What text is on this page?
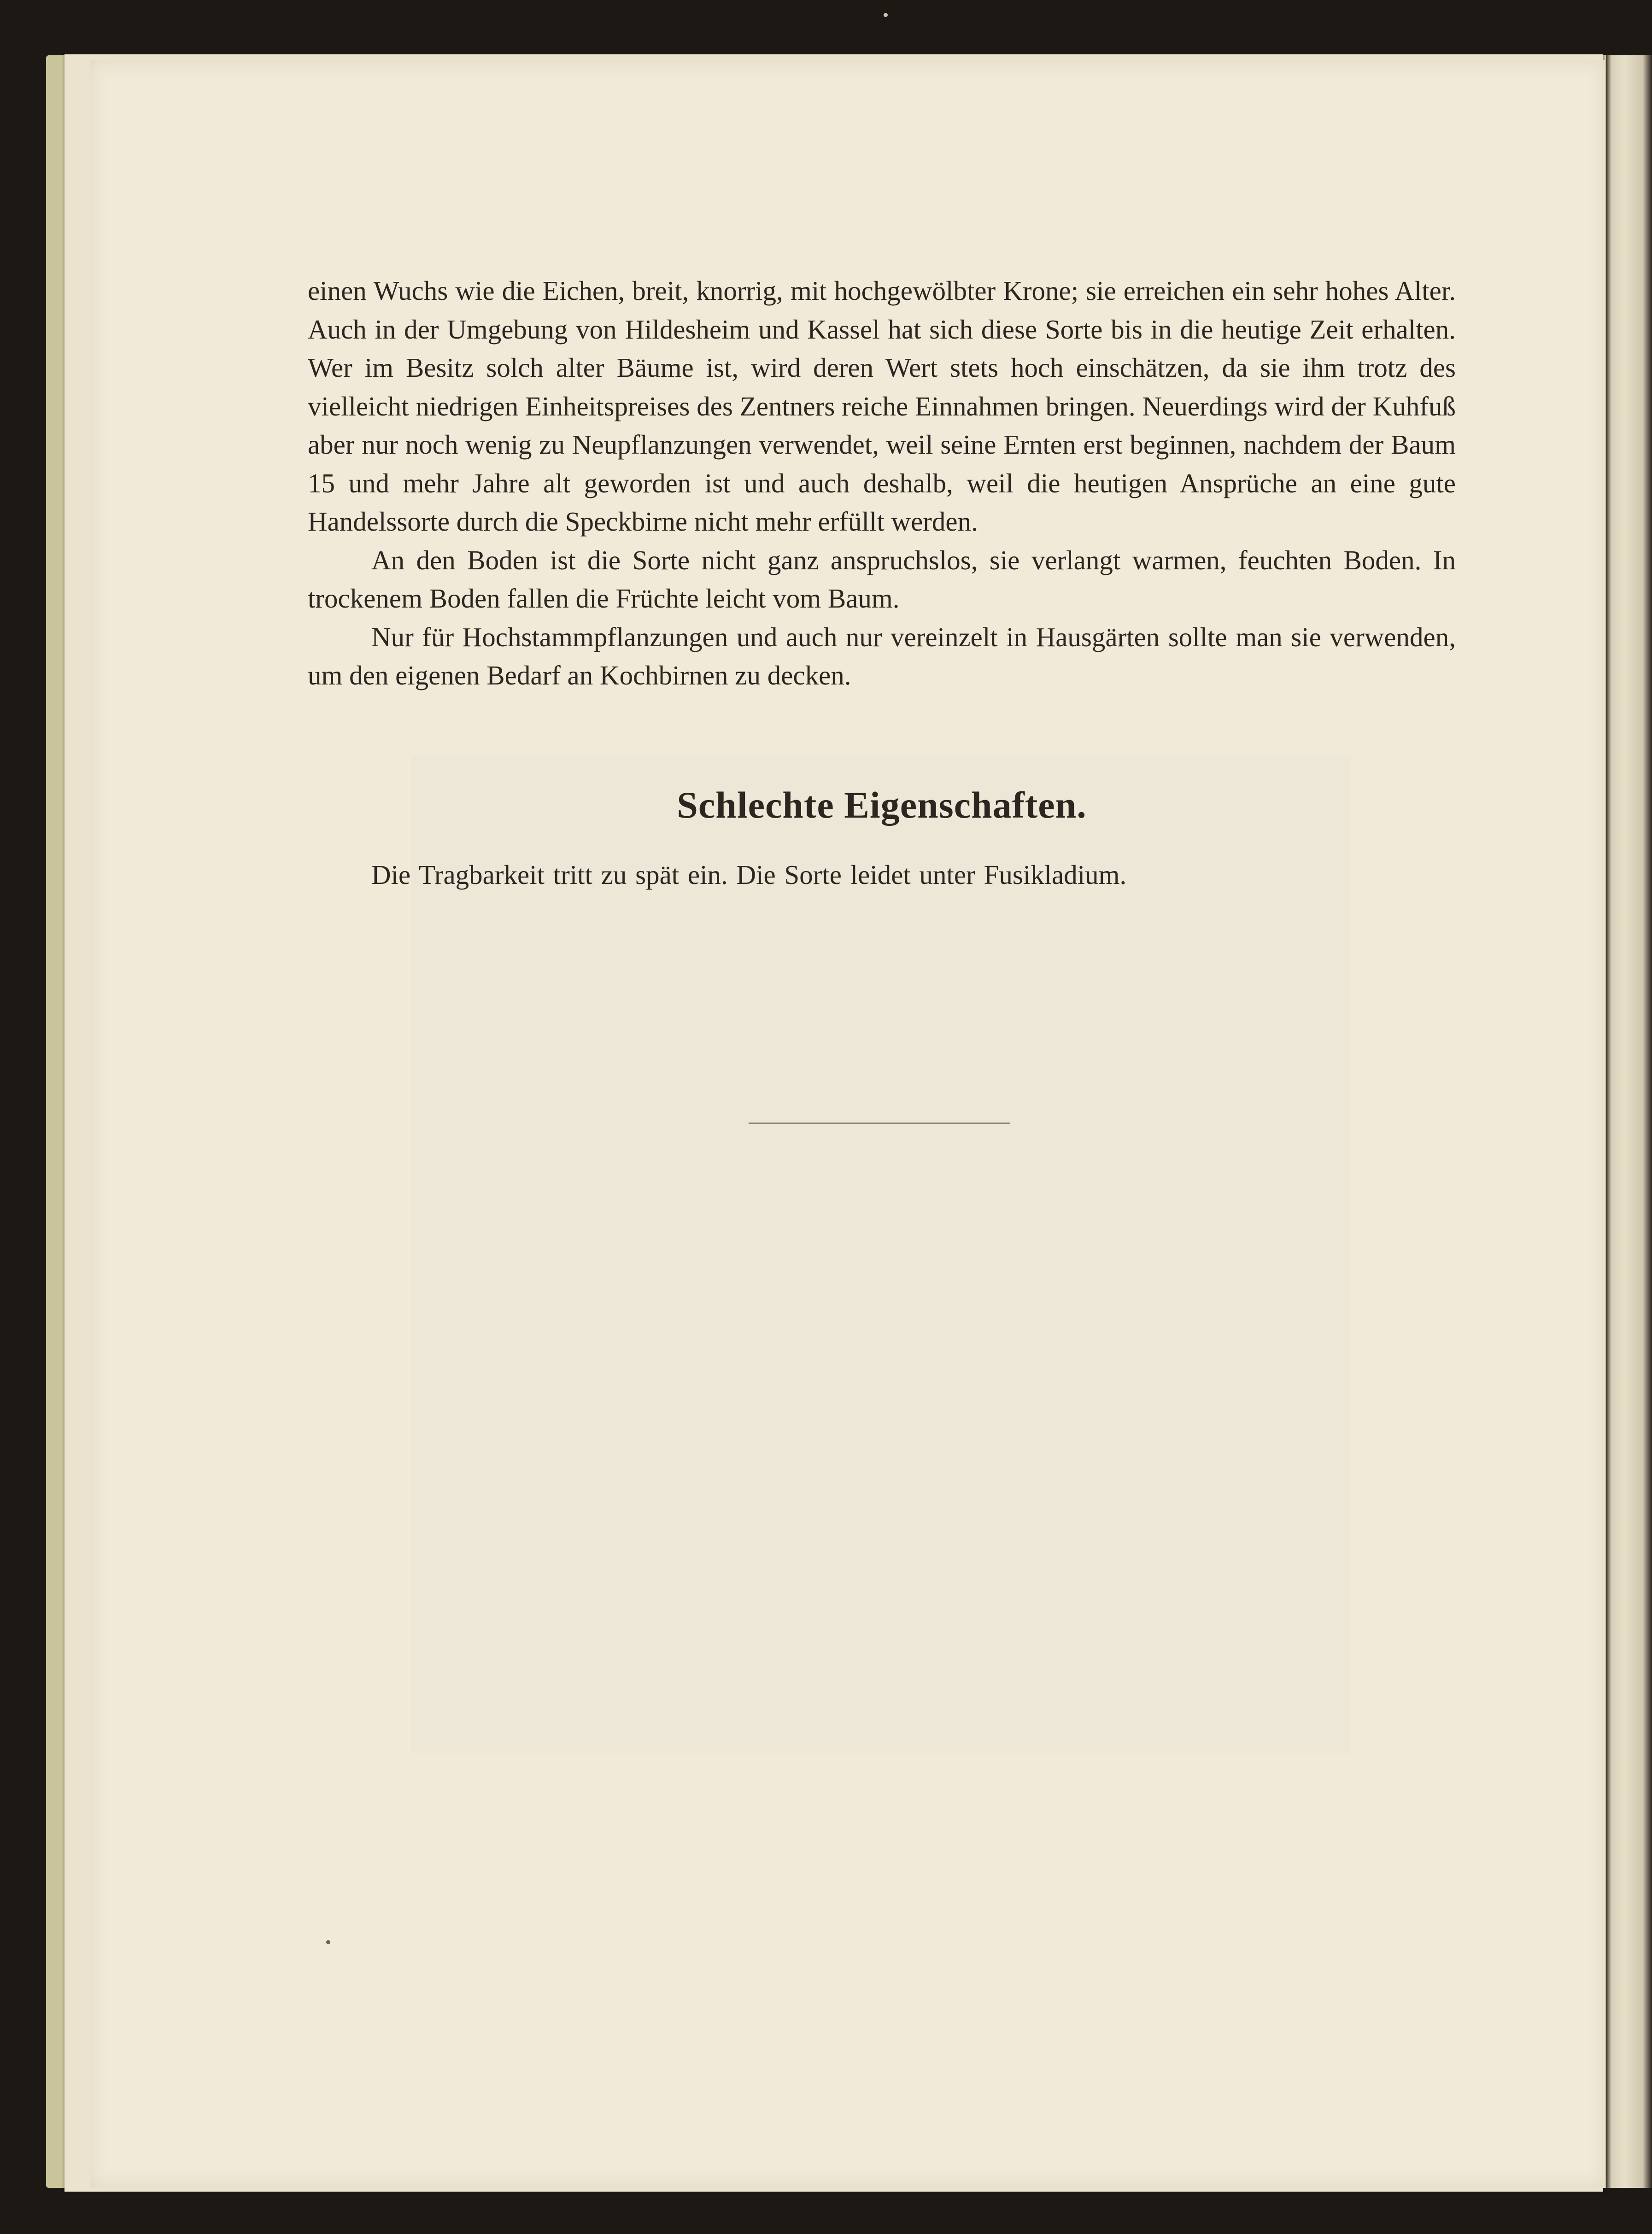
einen Wuchs wie die Eichen, breit, knorrig, mit hochgewölbter Krone; sie erreichen ein sehr hohes Alter. Auch in der Umgebung von Hildesheim und Kassel hat sich diese Sorte bis in die heutige Zeit erhalten. Wer im Besitz solch alter Bäume ist, wird deren Wert stets hoch einschätzen, da sie ihm trotz des vielleicht niedrigen Einheitspreises des Zentners reiche Einnahmen bringen. Neuerdings wird der Kuhfuß aber nur noch wenig zu Neupflanzungen verwendet, weil seine Ernten erst beginnen, nachdem der Baum 15 und mehr Jahre alt geworden ist und auch deshalb, weil die heutigen Ansprüche an eine gute Handelssorte durch die Speckbirne nicht mehr erfüllt werden.

An den Boden ist die Sorte nicht ganz anspruchslos, sie verlangt warmen, feuchten Boden. In trockenem Boden fallen die Früchte leicht vom Baum.

Nur für Hochstammpflanzungen und auch nur vereinzelt in Hausgärten sollte man sie verwenden, um den eigenen Bedarf an Kochbirnen zu decken.

Schlechte Eigenschaften.

Die Tragbarkeit tritt zu spät ein. Die Sorte leidet unter Fusikladium.
